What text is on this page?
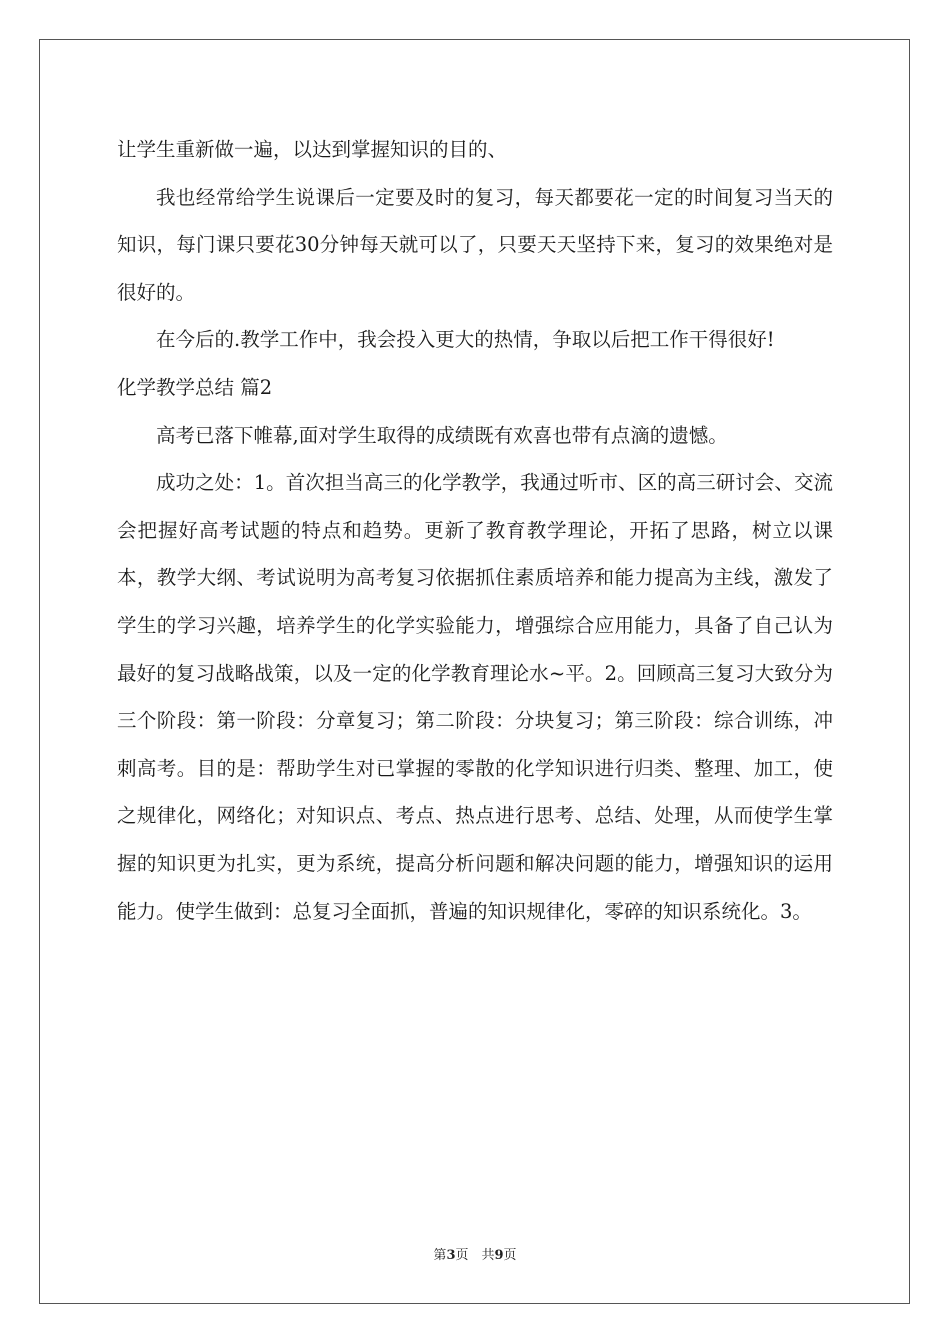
让学生重新做一遍，以达到掌握知识的目的、

我也经常给学生说课后一定要及时的复习，每天都要花一定的时间复习当天的知识，每门课只要花30分钟每天就可以了，只要天天坚持下来，复习的效果绝对是很好的。

在今后的.教学工作中，我会投入更大的热情，争取以后把工作干得很好!

化学教学总结 篇2

高考已落下帷幕,面对学生取得的成绩既有欢喜也带有点滴的遗憾。

成功之处：1。首次担当高三的化学教学，我通过听市、区的高三研讨会、交流会把握好高考试题的特点和趋势。更新了教育教学理论，开拓了思路，树立以课本，教学大纲、考试说明为高考复习依据抓住素质培养和能力提高为主线，激发了学生的学习兴趣，培养学生的化学实验能力，增强综合应用能力，具备了自己认为最好的复习战略战策，以及一定的化学教育理论水~平。2。回顾高三复习大致分为三个阶段：第一阶段：分章复习；第二阶段：分块复习；第三阶段：综合训练，冲刺高考。目的是：帮助学生对已掌握的零散的化学知识进行归类、整理、加工，使之规律化，网络化；对知识点、考点、热点进行思考、总结、处理，从而使学生掌握的知识更为扎实，更为系统，提高分析问题和解决问题的能力，增强知识的运用能力。使学生做到：总复习全面抓，普遍的知识规律化，零碎的知识系统化。3。

第3页　共9页
